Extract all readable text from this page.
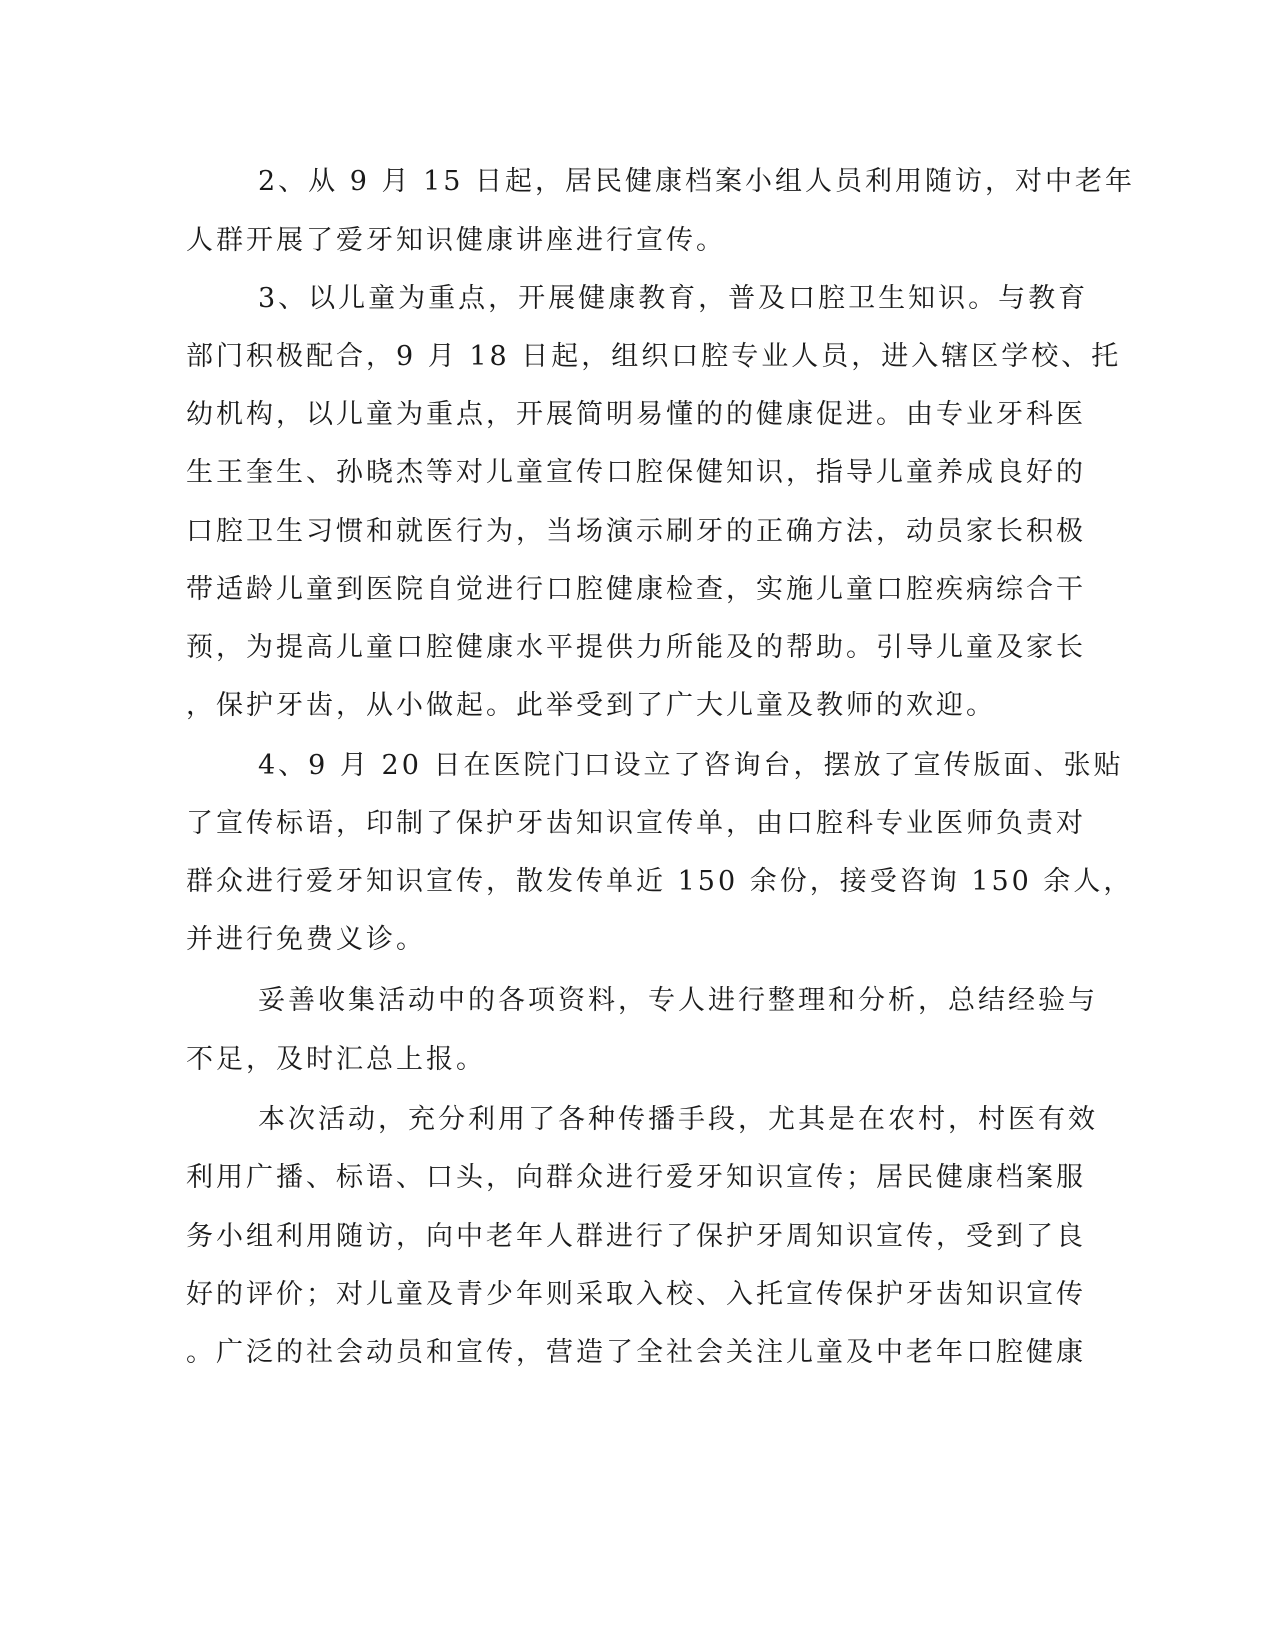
2、从 9 月 15 日起，居民健康档案小组人员利用随访，对中老年
人群开展了爱牙知识健康讲座进行宣传。
3、以儿童为重点，开展健康教育，普及口腔卫生知识。与教育
部门积极配合，9 月 18 日起，组织口腔专业人员，进入辖区学校、托
幼机构，以儿童为重点，开展简明易懂的的健康促进。由专业牙科医
生王奎生、孙晓杰等对儿童宣传口腔保健知识，指导儿童养成良好的
口腔卫生习惯和就医行为，当场演示刷牙的正确方法，动员家长积极
带适龄儿童到医院自觉进行口腔健康检查，实施儿童口腔疾病综合干
预，为提高儿童口腔健康水平提供力所能及的帮助。引导儿童及家长
，保护牙齿，从小做起。此举受到了广大儿童及教师的欢迎。
4、9 月 20 日在医院门口设立了咨询台，摆放了宣传版面、张贴
了宣传标语，印制了保护牙齿知识宣传单，由口腔科专业医师负责对
群众进行爱牙知识宣传，散发传单近 150 余份，接受咨询 150 余人，
并进行免费义诊。
妥善收集活动中的各项资料，专人进行整理和分析，总结经验与
不足，及时汇总上报。
本次活动，充分利用了各种传播手段，尤其是在农村，村医有效
利用广播、标语、口头，向群众进行爱牙知识宣传；居民健康档案服
务小组利用随访，向中老年人群进行了保护牙周知识宣传，受到了良
好的评价；对儿童及青少年则采取入校、入托宣传保护牙齿知识宣传
。广泛的社会动员和宣传，营造了全社会关注儿童及中老年口腔健康
